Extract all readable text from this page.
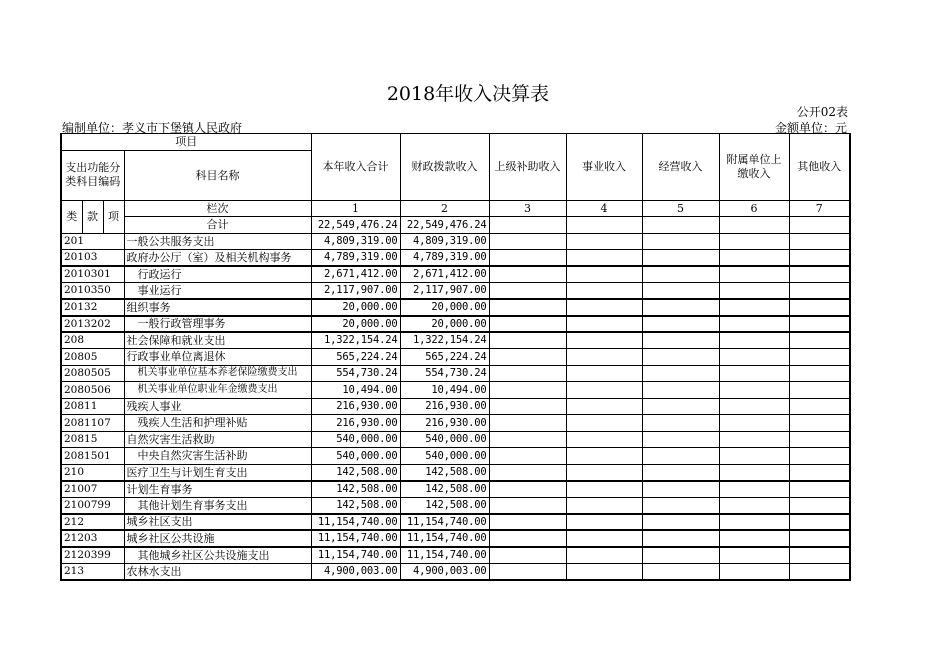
2018年收入决算表
公开02表
编制单位：孝义市下堡镇人民政府	金额单位：元
项目				本年收入合计	财政拨款收入	上级补助收入	事业收入	经营收入	附属单位上缴收入	其他收入
支出功能分类科目编码			科目名称							
类	款	项	栏次	1	2	3	4	5	6	7
			合计	22,549,476.24	22,549,476.24					
201			一般公共服务支出	4,809,319.00	4,809,319.00					
20103			政府办公厅（室）及相关机构事务	4,789,319.00	4,789,319.00					
2010301			行政运行	2,671,412.00	2,671,412.00					
2010350			事业运行	2,117,907.00	2,117,907.00					
20132			组织事务	20,000.00	20,000.00					
2013202			一般行政管理事务	20,000.00	20,000.00					
208			社会保障和就业支出	1,322,154.24	1,322,154.24					
20805			行政事业单位离退休	565,224.24	565,224.24					
2080505			机关事业单位基本养老保险缴费支出	554,730.24	554,730.24					
2080506			机关事业单位职业年金缴费支出	10,494.00	10,494.00					
20811			残疾人事业	216,930.00	216,930.00					
2081107			残疾人生活和护理补贴	216,930.00	216,930.00					
20815			自然灾害生活救助	540,000.00	540,000.00					
2081501			中央自然灾害生活补助	540,000.00	540,000.00					
210			医疗卫生与计划生育支出	142,508.00	142,508.00					
21007			计划生育事务	142,508.00	142,508.00					
2100799			其他计划生育事务支出	142,508.00	142,508.00					
212			城乡社区支出	11,154,740.00	11,154,740.00					
21203			城乡社区公共设施	11,154,740.00	11,154,740.00					
2120399			其他城乡社区公共设施支出	11,154,740.00	11,154,740.00					
213			农林水支出	4,900,003.00	4,900,003.00					
